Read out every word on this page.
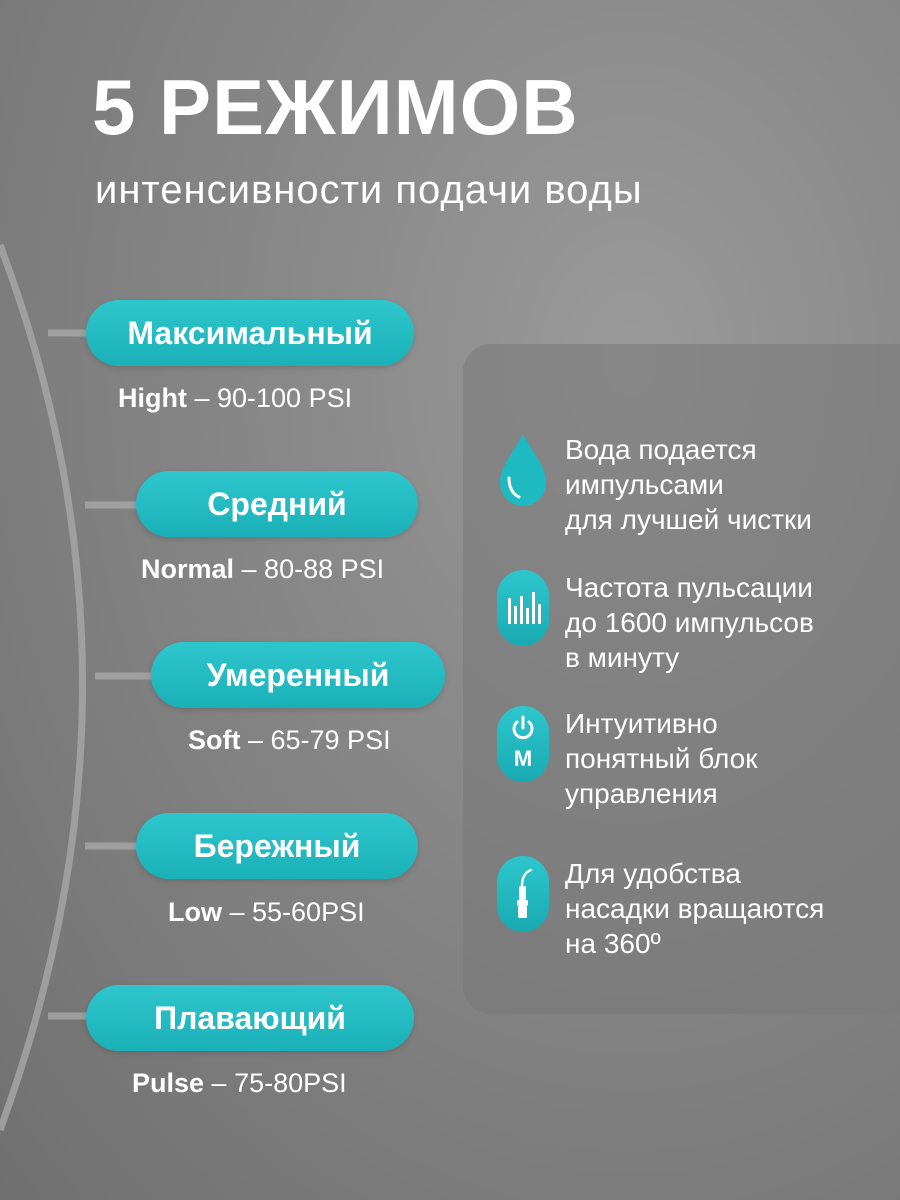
5 РЕЖИМОВ
интенсивности подачи воды
Максимальный
Hight – 90-100 PSI
Средний
Normal – 80-88 PSI
Умеренный
Soft – 65-79 PSI
Бережный
Low – 55-60PSI
Плавающий
Pulse – 75-80PSI
Вода подается
импульсами
для лучшей чистки
Частота пульсации
до 1600 импульсов
в минуту
M
Интуитивно
понятный блок
управления
Для удобства
насадки вращаются
на 360º
